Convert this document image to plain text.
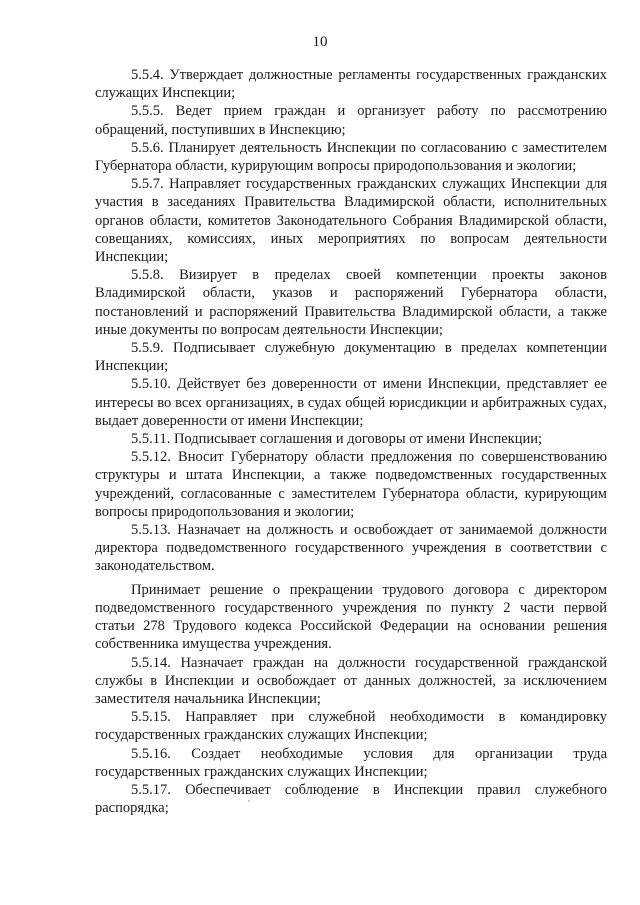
10

5.5.4. Утверждает должностные регламенты государственных гражданских служащих Инспекции;

5.5.5. Ведет прием граждан и организует работу по рассмотрению обращений, поступивших в Инспекцию;

5.5.6. Планирует деятельность Инспекции по согласованию с заместителем Губернатора области, курирующим вопросы природопользования и экологии;

5.5.7. Направляет государственных гражданских служащих Инспекции для участия в заседаниях Правительства Владимирской области, исполнительных органов области, комитетов Законодательного Собрания Владимирской области, совещаниях, комиссиях, иных мероприятиях по вопросам деятельности Инспекции;

5.5.8. Визирует в пределах своей компетенции проекты законов Владимирской области, указов и распоряжений Губернатора области, постановлений и распоряжений Правительства Владимирской области, а также иные документы по вопросам деятельности Инспекции;

5.5.9. Подписывает служебную документацию в пределах компетенции Инспекции;

5.5.10. Действует без доверенности от имени Инспекции, представляет ее интересы во всех организациях, в судах общей юрисдикции и арбитражных судах, выдает доверенности от имени Инспекции;

5.5.11. Подписывает соглашения и договоры от имени Инспекции;

5.5.12. Вносит Губернатору области предложения по совершенствованию структуры и штата Инспекции, а также подведомственных государственных учреждений, согласованные с заместителем Губернатора области, курирующим вопросы природопользования и экологии;

5.5.13. Назначает на должность и освобождает от занимаемой должности директора подведомственного государственного учреждения в соответствии с законодательством.

Принимает решение о прекращении трудового договора с директором подведомственного государственного учреждения по пункту 2 части первой статьи 278 Трудового кодекса Российской Федерации на основании решения собственника имущества учреждения.

5.5.14. Назначает граждан на должности государственной гражданской службы в Инспекции и освобождает от данных должностей, за исключением заместителя начальника Инспекции;

5.5.15. Направляет при служебной необходимости в командировку государственных гражданских служащих Инспекции;

5.5.16. Создает необходимые условия для организации труда государственных гражданских служащих Инспекции;

5.5.17. Обеспечивает соблюдение в Инспекции правил служебного распорядка;
